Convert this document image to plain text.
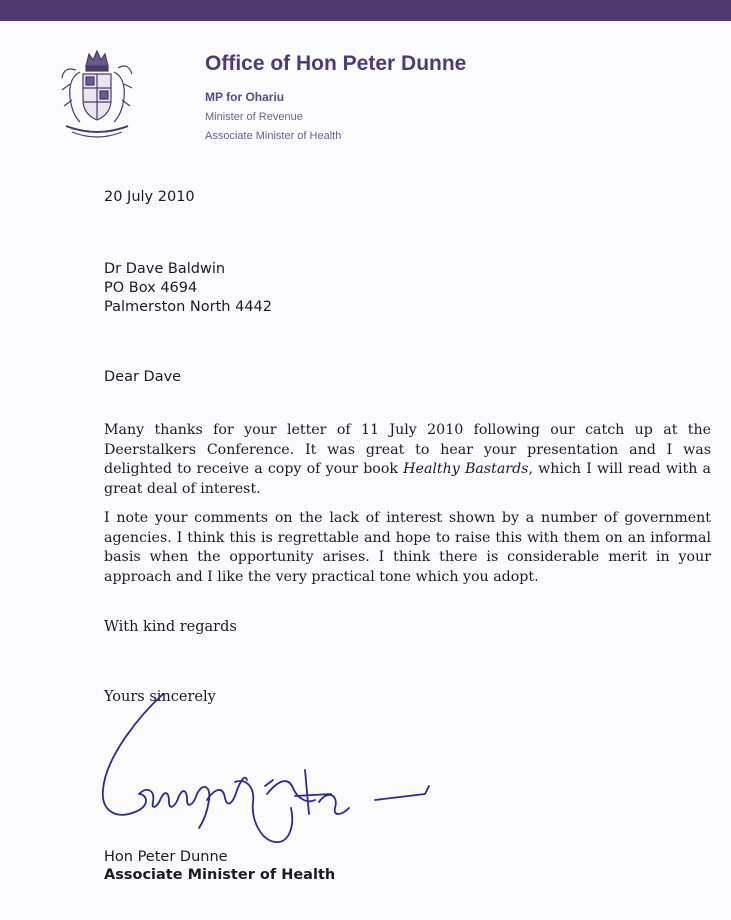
Office of Hon Peter Dunne
MP for Ohariu
Minister of Revenue
Associate Minister of Health
20 July 2010
Dr Dave Baldwin
PO Box 4694
Palmerston North 4442
Dear Dave
Many thanks for your letter of 11 July 2010 following our catch up at the Deerstalkers Conference. It was great to hear your presentation and I was delighted to receive a copy of your book Healthy Bastards, which I will read with a great deal of interest.
I note your comments on the lack of interest shown by a number of government agencies. I think this is regrettable and hope to raise this with them on an informal basis when the opportunity arises. I think there is considerable merit in your approach and I like the very practical tone which you adopt.
With kind regards
Yours sincerely
Hon Peter Dunne
Associate Minister of Health
